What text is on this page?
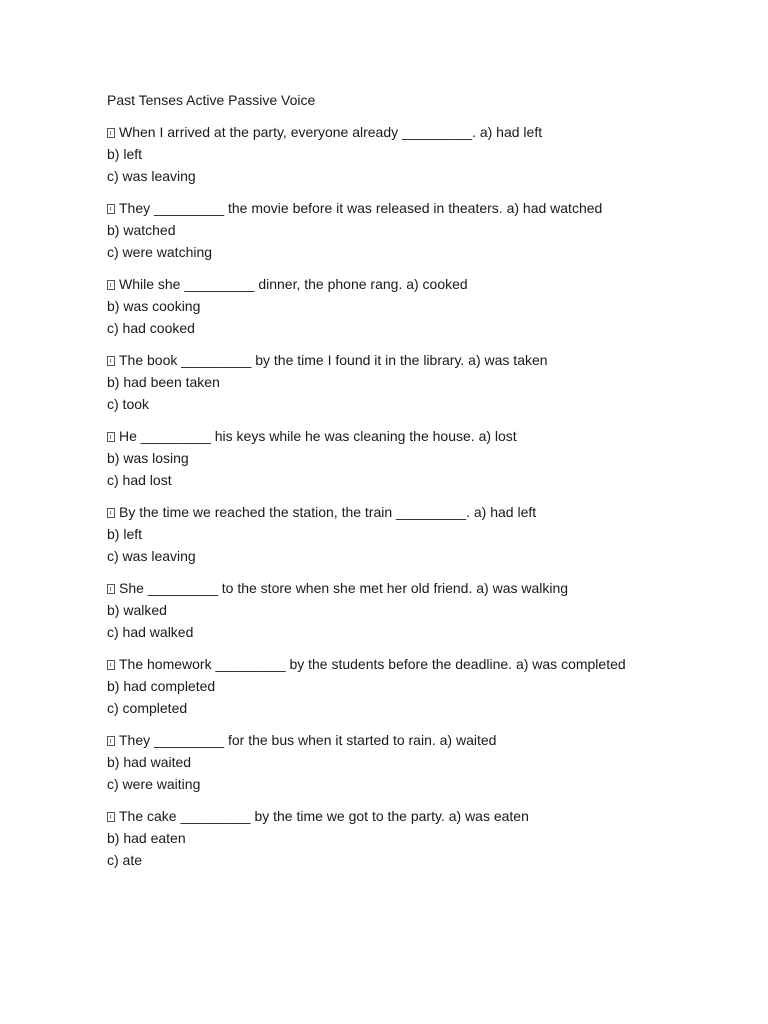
Past Tenses Active Passive Voice
When I arrived at the party, everyone already _________. a) had left
b) left
c) was leaving
They _________ the movie before it was released in theaters. a) had watched
b) watched
c) were watching
While she _________ dinner, the phone rang. a) cooked
b) was cooking
c) had cooked
The book _________ by the time I found it in the library. a) was taken
b) had been taken
c) took
He _________ his keys while he was cleaning the house. a) lost
b) was losing
c) had lost
By the time we reached the station, the train _________. a) had left
b) left
c) was leaving
She _________ to the store when she met her old friend. a) was walking
b) walked
c) had walked
The homework _________ by the students before the deadline. a) was completed
b) had completed
c) completed
They _________ for the bus when it started to rain. a) waited
b) had waited
c) were waiting
The cake _________ by the time we got to the party. a) was eaten
b) had eaten
c) ate
